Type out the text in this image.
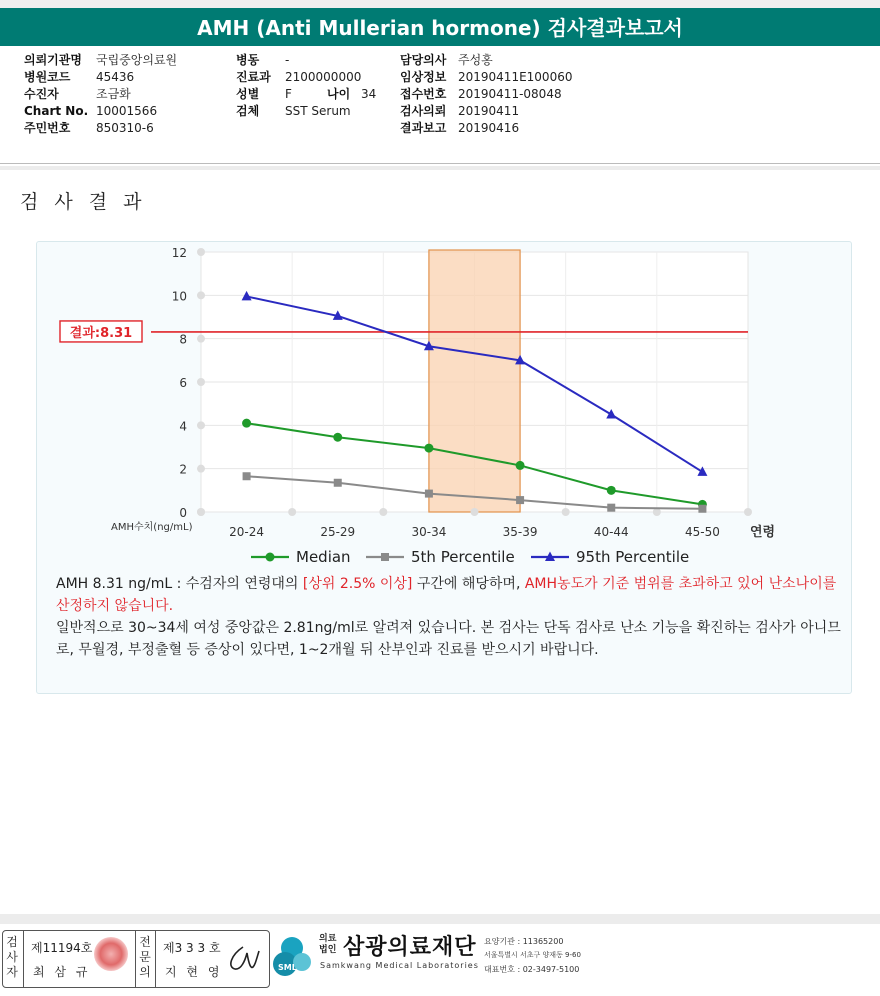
AMH (Anti Mullerian hormone) 검사결과보고서
의뢰기관명	국립중앙의료원
병원코드	45436
수진자	조금화
Chart No. 10001566
주민번호	850310-6
병동	-
진료과	2100000000
성별	F	나이 34
검체	SST Serum
담당의사 주성홍
임상정보 20190411E100060
접수번호 20190411-08048
검사의뢰 20190411
결과보고 20190416
검 사 결 과
0
2
4
6
8
10
12
20-24	25-29	30-34	35-39	40-44	45-50 연령
AMH수치(ng/mL)
결과:8.31
Median	5th Percentile	95th Percentile
AMH 8.31 ng/mL : 수검자의 연령대의 [상위 2.5% 이상] 구간에 해당하며, AMH농도가 기준 범위를 초과하고 있어 난소나이를 산정하지 않습니다.
일반적으로 30~34세 여성 중앙값은 2.81ng/ml로 알려져 있습니다. 본 검사는 단독 검사로 난소 기능을 확진하는 검사가 아니므로, 무월경, 부정출혈 등 증상이 있다면, 1~2개월 뒤 산부인과 진료를 받으시기 바랍니다.
검사자
제11194호
최 삼 규
전문의
제3 3 3 호
지 현 영	SML
의료법인 삼광의료재단
Samkwang Medical Laboratories
요양기관 : 11365200
서울특별시 서초구 양재동 9-60
대표번호 : 02-3497-5100
